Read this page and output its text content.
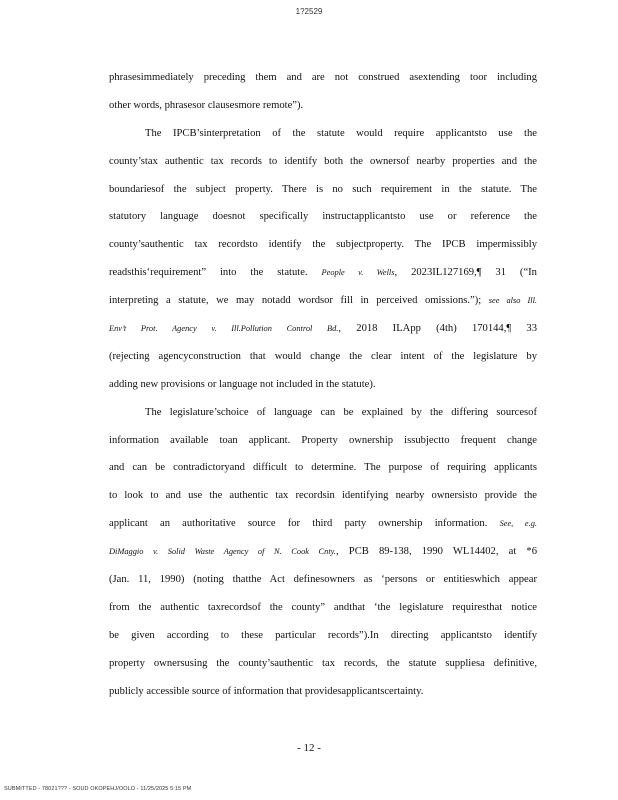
1?2529
phrasesimmediately preceding them and are not construed asextending toor including
other words, phrasesor clausesmore remote”).
The IPCB’sinterpretation of the statute would require applicantsto use the
county’stax authentic tax records to identify both the ownersof nearby properties and the
boundariesof the subject property. There is no such requirement in the statute. The
statutory language doesnot specifically instructapplicantsto use or reference the
county’sauthentic tax recordsto identify the subjectproperty. The IPCB impermissibly
readsthis‘requirement” into the statute. People v. Wells, 2023IL127169,¶ 31 (“In
interpreting a statute, we may notadd wordsor fill in perceived omissions.”); see also Ill.
Env’t Prot. Agency v. Ill.Pollution Control Bd., 2018 ILApp (4th) 170144,¶ 33
(rejecting agencyconstruction that would change the clear intent of the legislature by
adding new provisions or language not included in the statute).
The legislature’schoice of language can be explained by the differing sourcesof
information available toan applicant. Property ownership issubjectto frequent change
and can be contradictoryand difficult to determine. The purpose of requiring applicants
to look to and use the authentic tax recordsin identifying nearby ownersisto provide the
applicant an authoritative source for third party ownership information. See, e.g.
DiMaggio v. Solid Waste Agency of N. Cook Cnty., PCB 89-138, 1990 WL14402, at *6
(Jan. 11, 1990) (noting thatthe Act definesowners as ‘persons or entitieswhich appear
from the authentic taxrecordsof the county” andthat ‘the legislature requiresthat notice
be given according to these particular records”).In directing applicantsto identify
property ownersusing the county’sauthentic tax records, the statute suppliesa definitive,
publicly accessible source of information that providesapplicantscertainty.
- 12 -
SUBMITTED - 78021??? - SOUD OKOPEHJ/OOLO - 11/25/2025 5:15 PM
